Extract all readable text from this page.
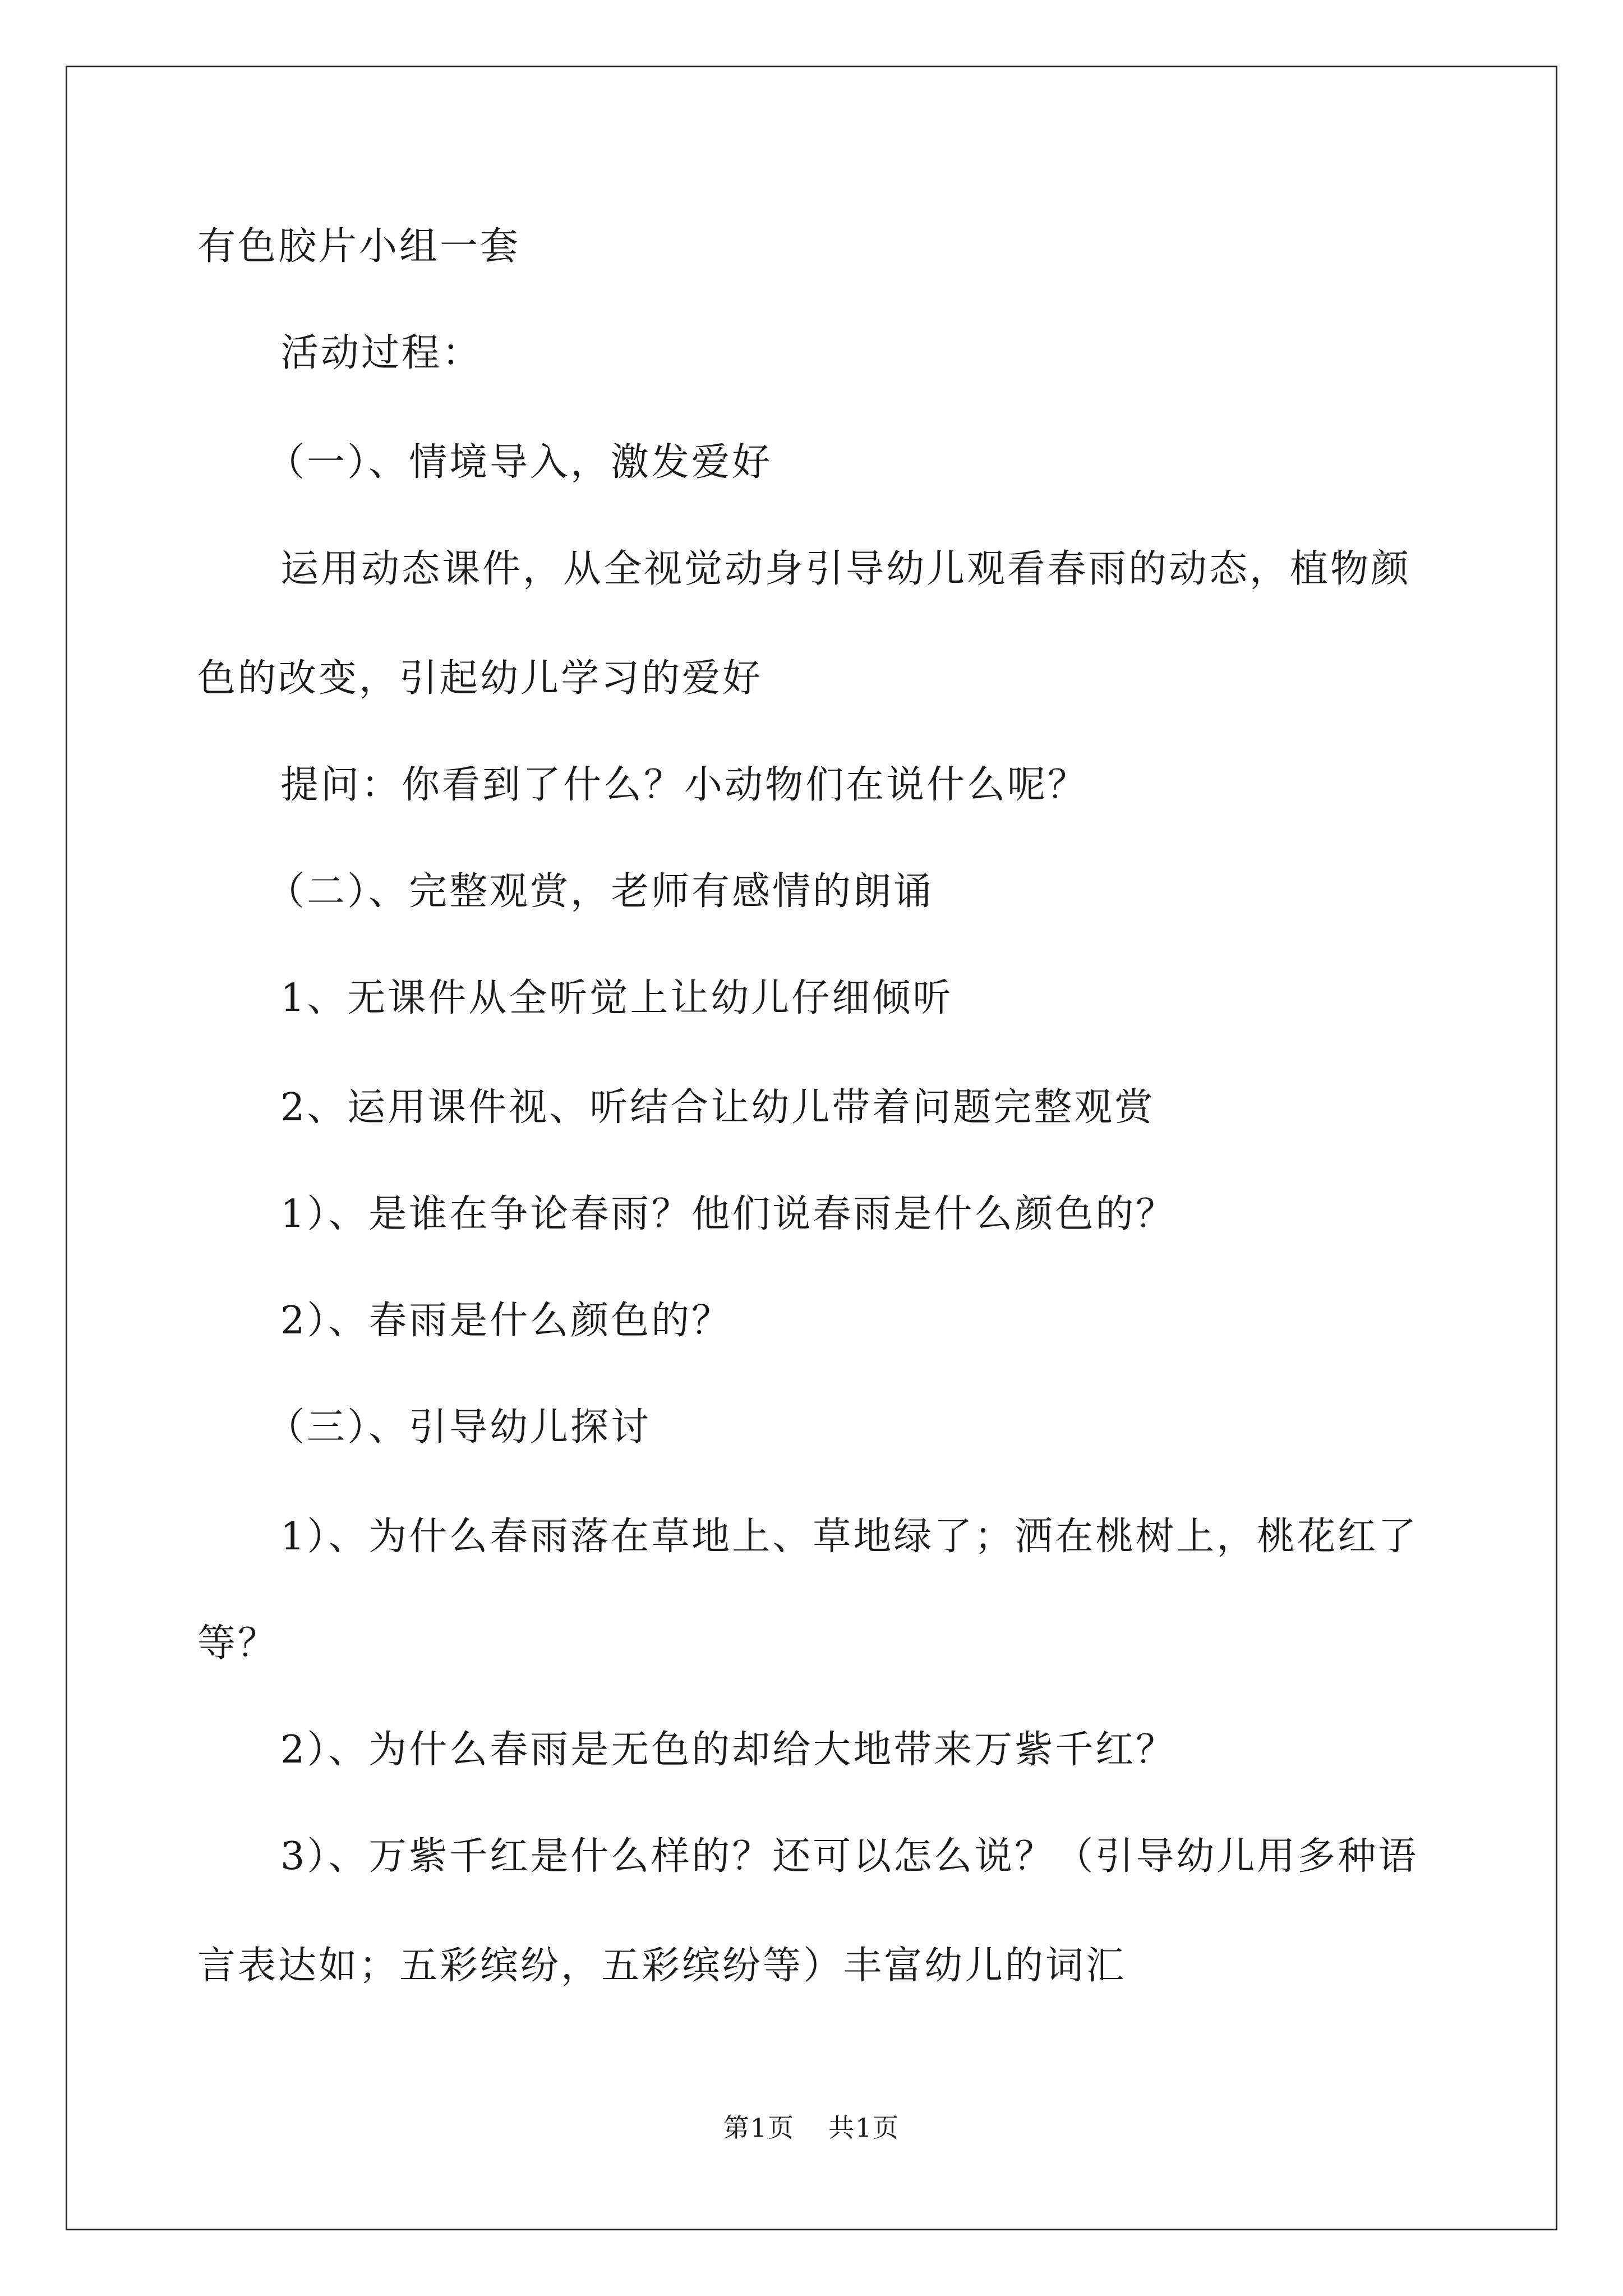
有色胶片小组一套
活动过程：
（一）、情境导入，激发爱好
运用动态课件，从全视觉动身引导幼儿观看春雨的动态，植物颜
色的改变，引起幼儿学习的爱好
提问：你看到了什么？小动物们在说什么呢？
（二）、完整观赏，老师有感情的朗诵
1、无课件从全听觉上让幼儿仔细倾听
2、运用课件视、听结合让幼儿带着问题完整观赏
1）、是谁在争论春雨？他们说春雨是什么颜色的？
2）、春雨是什么颜色的？
（三）、引导幼儿探讨
1）、为什么春雨落在草地上、草地绿了；洒在桃树上，桃花红了
等？
2）、为什么春雨是无色的却给大地带来万紫千红？
3）、万紫千红是什么样的？还可以怎么说？（引导幼儿用多种语
言表达如；五彩缤纷，五彩缤纷等）丰富幼儿的词汇
第1页 共1页
